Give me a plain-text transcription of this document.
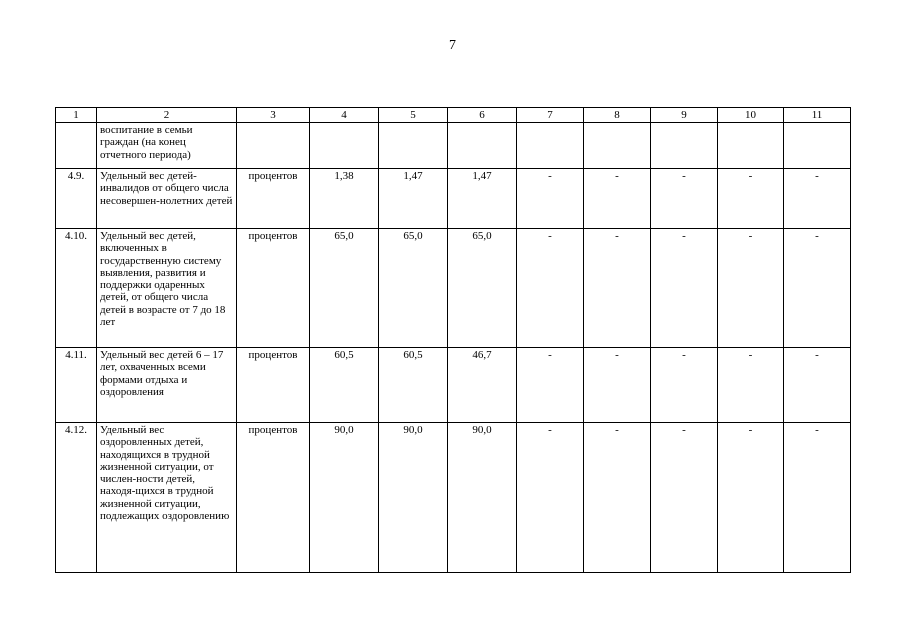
7
1	2	3	4	5	6	7	8	9	10	11
	воспитание в семьи граждан (на конец отчетного периода)									
4.9.	Удельный вес детей-инвалидов от общего числа несовершен-нолетних детей	процентов	1,38	1,47	1,47	-	-	-	-	-
4.10.	Удельный вес детей, включенных в государственную систему выявления, развития и поддержки одаренных детей, от общего числа детей в возрасте от 7 до 18 лет	процентов	65,0	65,0	65,0	-	-	-	-	-
4.11.	Удельный вес детей 6 – 17 лет, охваченных всеми формами отдыха и оздоровления	процентов	60,5	60,5	46,7	-	-	-	-	-
4.12.	Удельный вес оздоровленных детей, находящихся в трудной жизненной ситуации, от числен-ности детей, находя-щихся в трудной жизненной ситуации, подлежащих оздоровлению	процентов	90,0	90,0	90,0	-	-	-	-	-
